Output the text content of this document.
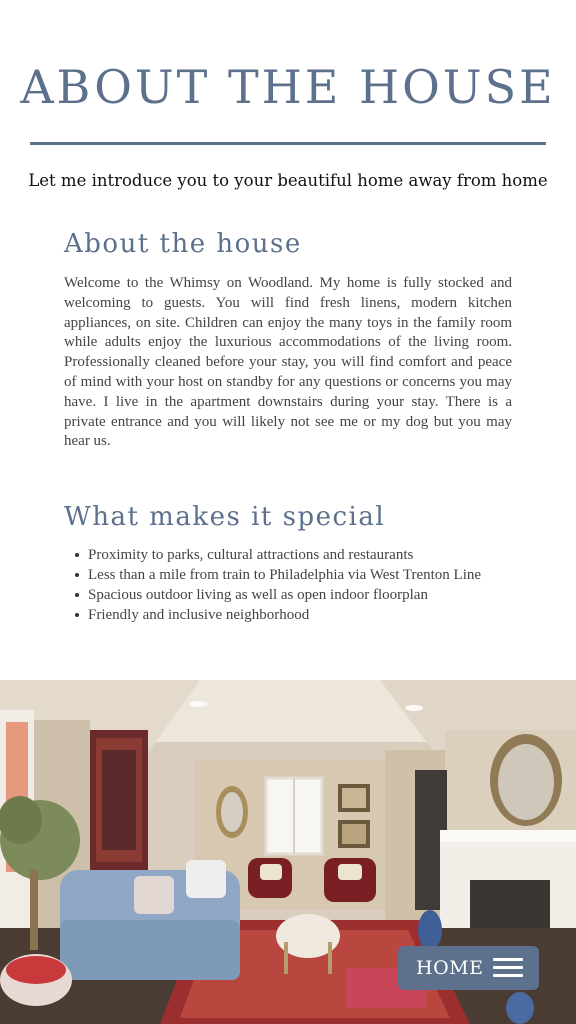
ABOUT THE HOUSE

Let me introduce you to your beautiful home away from home

About the house

Welcome to the Whimsy on Woodland. My home is fully stocked and welcoming to guests. You will find fresh linens, modern kitchen appliances, on site. Children can enjoy the many toys in the family room while adults enjoy the luxurious accommodations of the living room. Professionally cleaned before your stay, you will find comfort and peace of mind with your host on standby for any questions or concerns you may have. I live in the apartment downstairs during your stay. There is a private entrance and you will likely not see me or my dog but you may hear us.

What makes it special
Proximity to parks, cultural attractions and restaurants
Less than a mile from train to Philadelphia via West Trenton Line
Spacious outdoor living as well as open indoor floorplan
Friendly and inclusive neighborhood
HOME
